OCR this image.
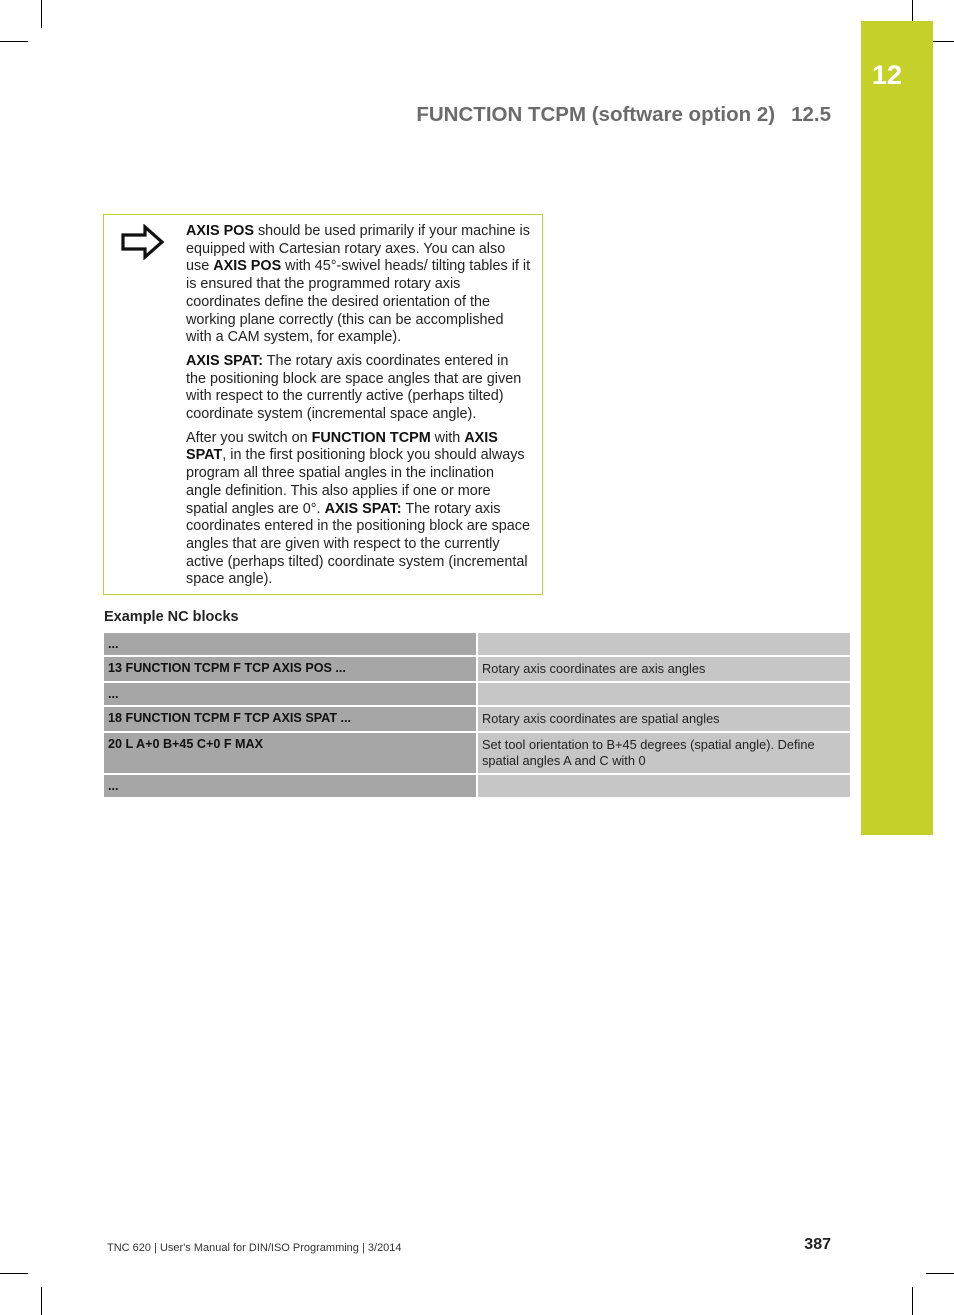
12
FUNCTION TCPM (software option 2) 12.5

AXIS POS should be used primarily if your machine is equipped with Cartesian rotary axes. You can also use AXIS POS with 45°-swivel heads/ tilting tables if it is ensured that the programmed rotary axis coordinates define the desired orientation of the working plane correctly (this can be accomplished with a CAM system, for example).

AXIS SPAT: The rotary axis coordinates entered in the positioning block are space angles that are given with respect to the currently active (perhaps tilted) coordinate system (incremental space angle).

After you switch on FUNCTION TCPM with AXIS SPAT, in the first positioning block you should always program all three spatial angles in the inclination angle definition. This also applies if one or more spatial angles are 0°. AXIS SPAT: The rotary axis coordinates entered in the positioning block are space angles that are given with respect to the currently active (perhaps tilted) coordinate system (incremental space angle).

Example NC blocks
...
13 FUNCTION TCPM F TCP AXIS POS ...	Rotary axis coordinates are axis angles
...
18 FUNCTION TCPM F TCP AXIS SPAT ...	Rotary axis coordinates are spatial angles
20 L A+0 B+45 C+0 F MAX	Set tool orientation to B+45 degrees (spatial angle). Define spatial angles A and C with 0
...
TNC 620 | User's Manual for DIN/ISO Programming | 3/2014	387
